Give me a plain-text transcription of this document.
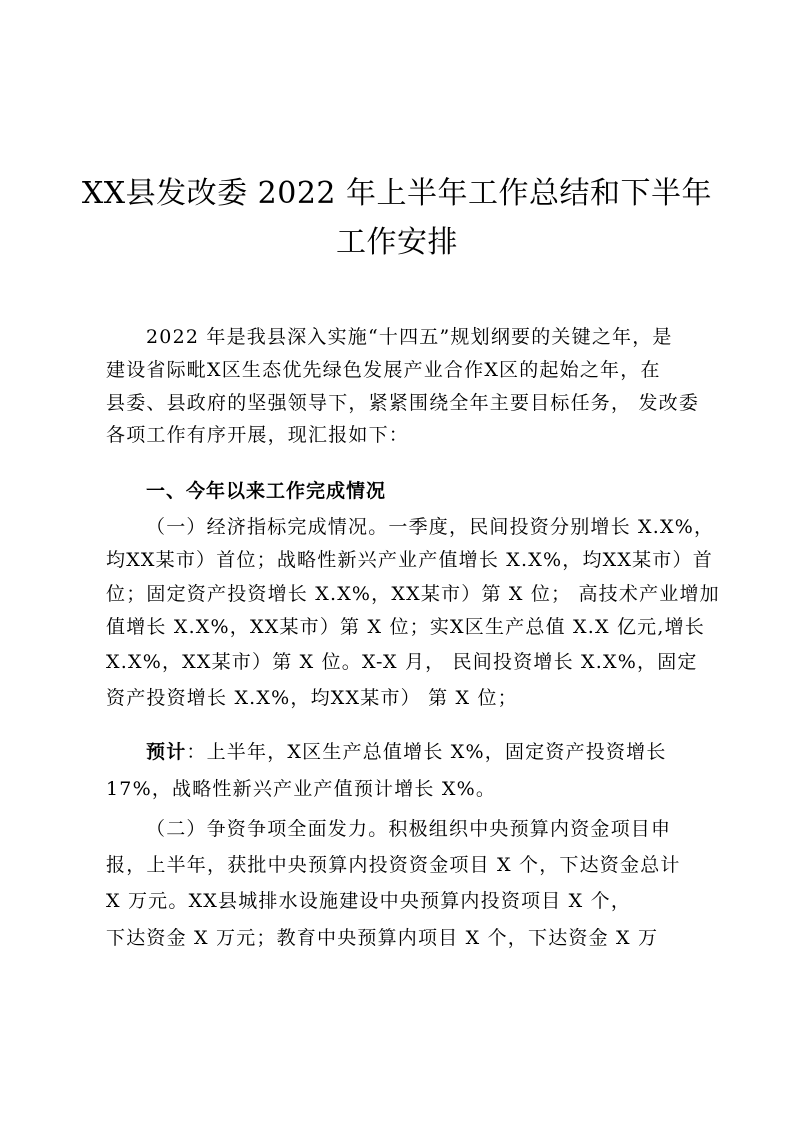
XX县发改委 2022 年上半年工作总结和下半年
工作安排
2022 年是我县深入实施“十四五”规划纲要的关键之年，是
建设省际毗X区生态优先绿色发展产业合作X区的起始之年，在
县委、县政府的坚强领导下，紧紧围绕全年主要目标任务， 发改委
各项工作有序开展，现汇报如下：
一、今年以来工作完成情况
（一）经济指标完成情况。一季度，民间投资分别增长 X.X%，
均XX某市）首位；战略性新兴产业产值增长 X.X%，均XX某市）首
位；固定资产投资增长 X.X%，XX某市）第 X 位； 高技术产业增加
值增长 X.X%，XX某市）第 X 位；实X区生产总值 X.X 亿元,增长
X.X%，XX某市）第 X 位。X-X 月， 民间投资增长 X.X%，固定
资产投资增长 X.X%，均XX某市） 第 X 位；
预计：上半年，X区生产总值增长 X%，固定资产投资增长
17%，战略性新兴产业产值预计增长 X%。
（二）争资争项全面发力。积极组织中央预算内资金项目申
报，上半年，获批中央预算内投资资金项目 X 个，下达资金总计
X 万元。XX县城排水设施建设中央预算内投资项目 X 个，
下达资金 X 万元；教育中央预算内项目 X 个，下达资金 X 万
